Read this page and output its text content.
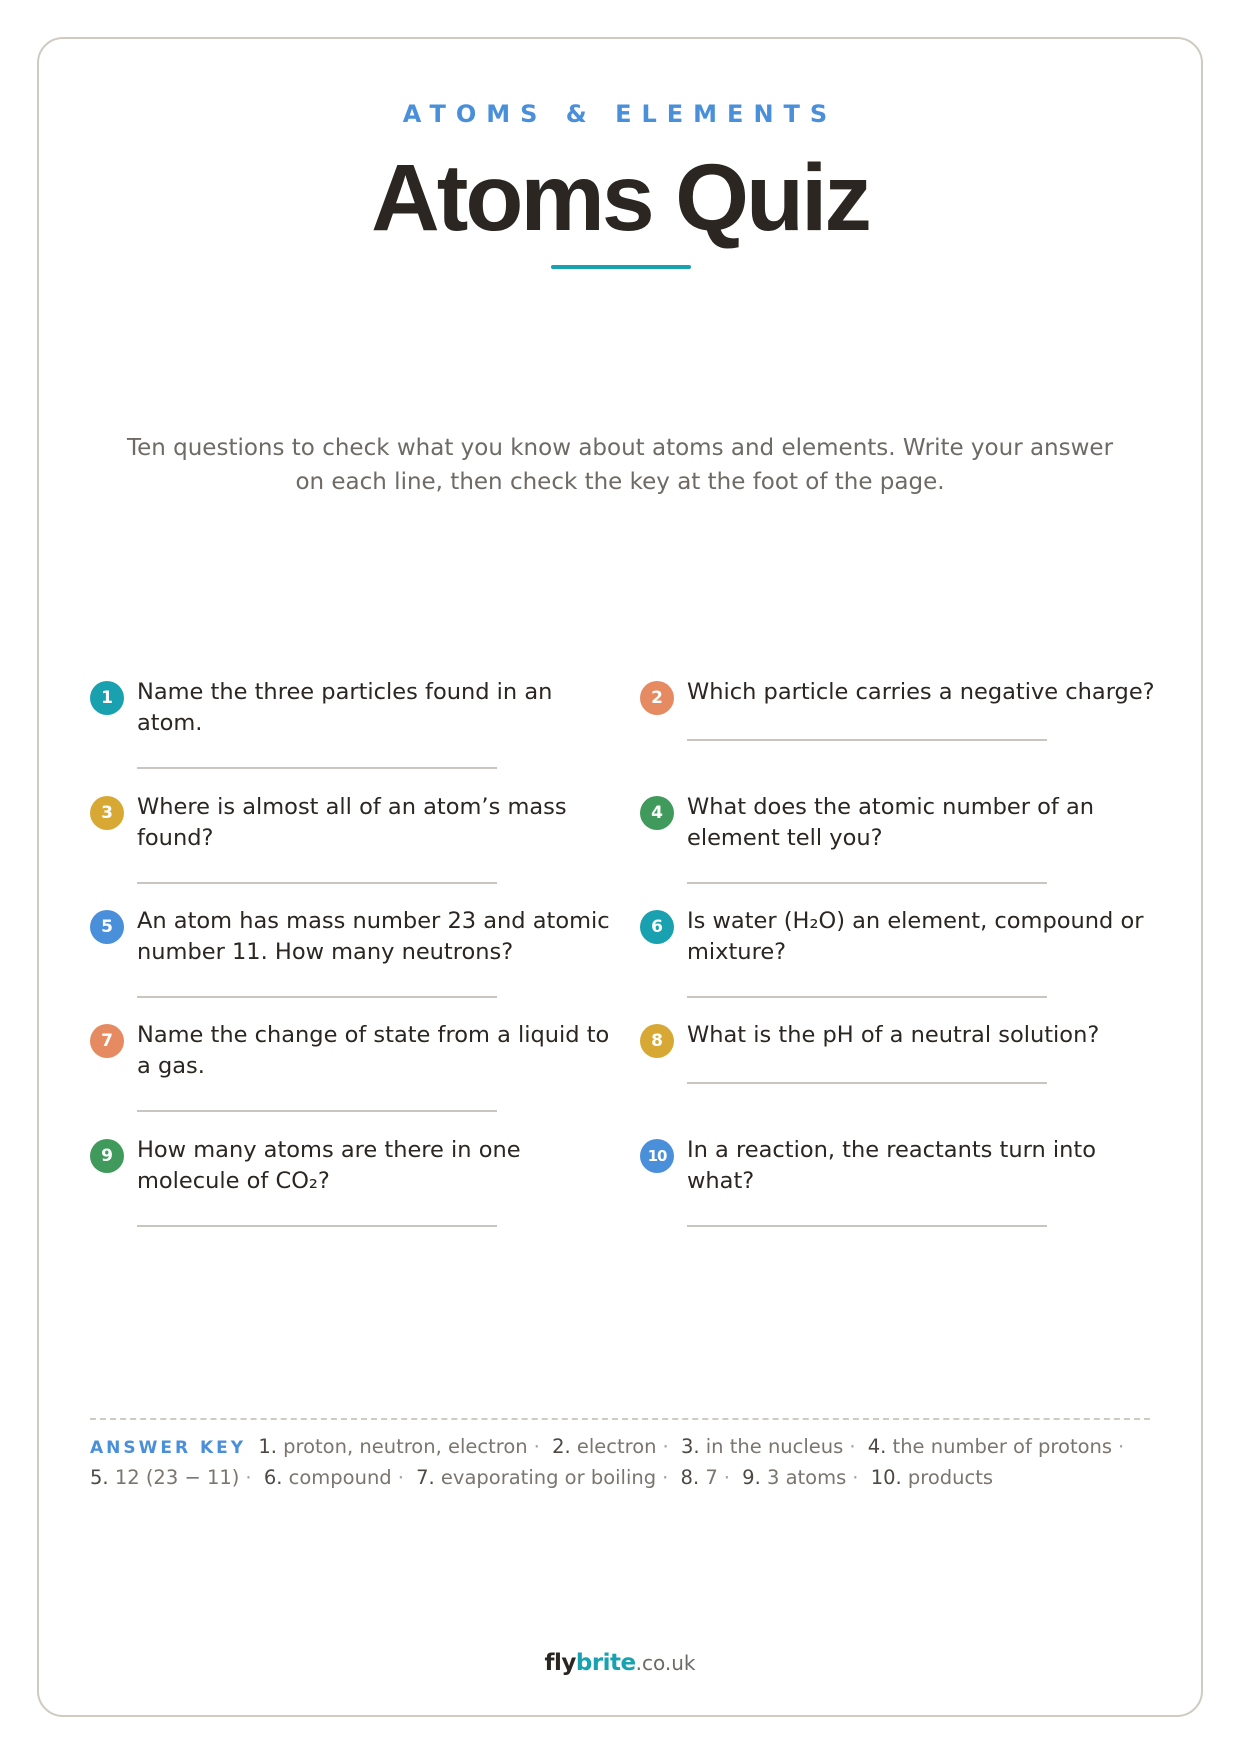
ATOMS & ELEMENTS
Atoms Quiz
Ten questions to check what you know about atoms and elements. Write your answer on each line, then check the key at the foot of the page.
1	Name the three particles found in an atom.
2	Which particle carries a negative charge?
3	Where is almost all of an atom’s mass found?
4	What does the atomic number of an element tell you?
5	An atom has mass number 23 and atomic number 11. How many neutrons?
6	Is water (H₂O) an element, compound or mixture?
7	Name the change of state from a liquid to a gas.
8	What is the pH of a neutral solution?
9	How many atoms are there in one molecule of CO₂?
10 In a reaction, the reactants turn into what?
ANSWER KEY 1. proton, neutron, electron · 2. electron · 3. in the nucleus · 4. the number of protons · 5. 12 (23 − 11) · 6. compound · 7. evaporating or boiling · 8. 7 · 9. 3 atoms · 10. products
flybrite.co.uk
